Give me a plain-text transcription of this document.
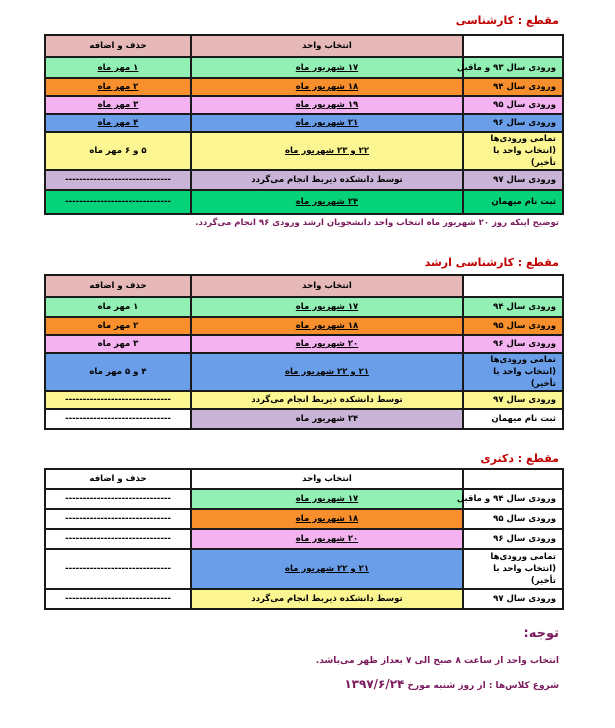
مقطع : کارشناسی
	انتخاب واحد	حذف و اضافه
ورودی سال ۹۳ و ماقبل	۱۷ شهریور ماه	۱ مهر ماه
ورودی سال ۹۴	۱۸ شهریور ماه	۲ مهر ماه
ورودی سال ۹۵	۱۹ شهریور ماه	۳ مهر ماه
ورودی سال ۹۶	۲۱ شهریور ماه	۴ مهر ماه
تمامی ورودی‌ها (انتخاب واحد با تأخیر)	۲۲ و ۲۳ شهریور ماه	۵ و ۶ مهر ماه
ورودی سال ۹۷	توسط دانشکده ذیربط انجام می‌گردد	------------------------------
ثبت نام میهمان	۲۴ شهریور ماه	------------------------------
توضیح اینکه روز ۲۰ شهریور ماه انتخاب واحد دانشجویان ارشد ورودی ۹۶ انجام می‌گردد.
مقطع : کارشناسی ارشد
	انتخاب واحد	حذف و اضافه
ورودی سال ۹۴	۱۷ شهریور ماه	۱ مهر ماه
ورودی سال ۹۵	۱۸ شهریور ماه	۲ مهر ماه
ورودی سال ۹۶	۲۰ شهریور ماه	۳ مهر ماه
تمامی ورودی‌ها (انتخاب واحد با تأخیر)	۲۱ و ۲۲ شهریور ماه	۴ و ۵ مهر ماه
ورودی سال ۹۷	توسط دانشکده ذیربط انجام می‌گردد	------------------------------
ثبت نام میهمان	۲۴ شهریور ماه	------------------------------
مقطع : دکتری
	انتخاب واحد	حذف و اضافه
ورودی سال ۹۴ و ماقبل	۱۷ شهریور ماه	------------------------------
ورودی سال ۹۵	۱۸ شهریور ماه	------------------------------
ورودی سال ۹۶	۲۰ شهریور ماه	------------------------------
تمامی ورودی‌ها (انتخاب واحد با تأخیر)	۲۱ و ۲۲ شهریور ماه	------------------------------
ورودی سال ۹۷	توسط دانشکده ذیربط انجام می‌گردد	------------------------------
توجه:
انتخاب واحد از ساعت ۸ صبح الی ۷ بعداز ظهر می‌باشد.
شروع کلاس‌ها : از روز شنبه مورخ ۱۳۹۷/۶/۲۴
